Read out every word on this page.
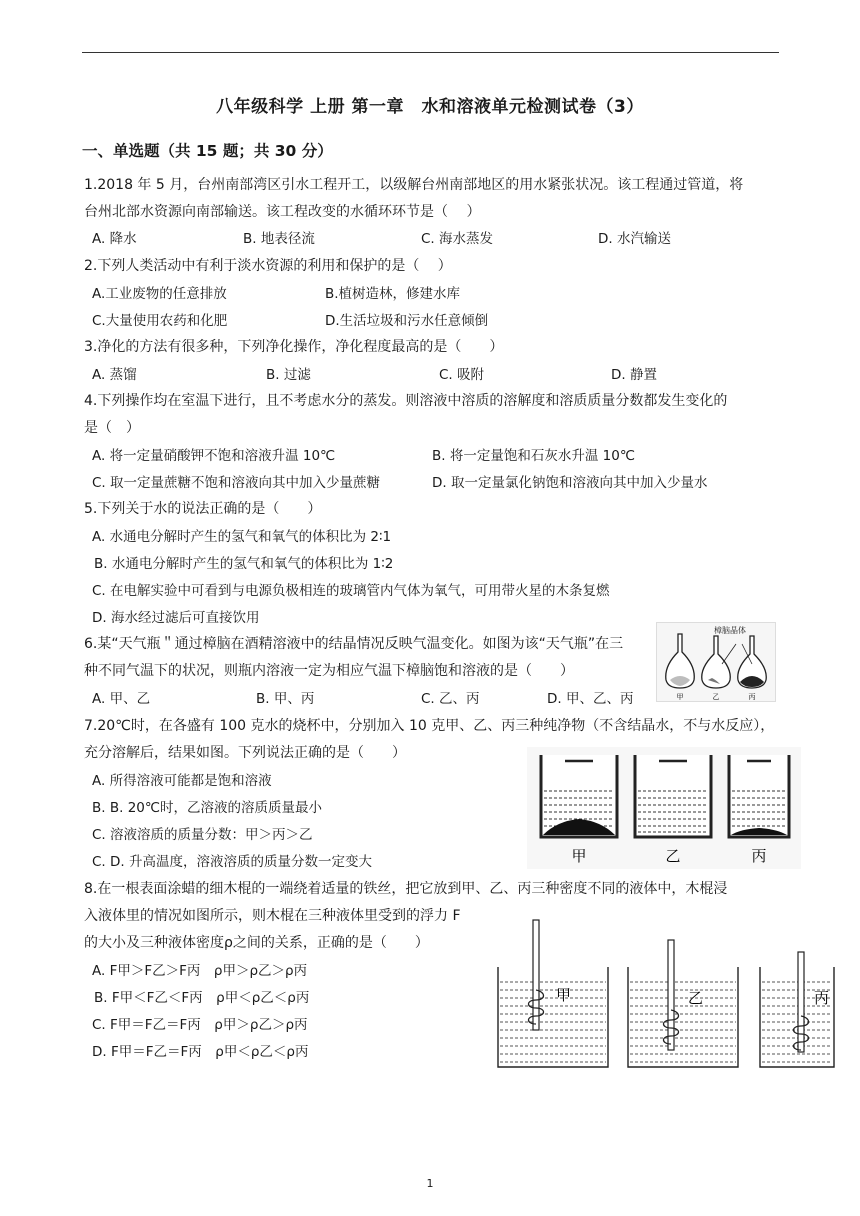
八年级科学 上册 第一章　水和溶液单元检测试卷（3）
一、单选题（共 15 题；共 30 分）
1.2018 年 5 月，台州南部湾区引水工程开工，以级解台州南部地区的用水紧张状况。该工程通过管道，将
台州北部水资源向南部输送。该工程改变的水循环环节是（　 ）
A. 降水	B. 地表径流	C. 海水蒸发	D. 水汽输送
2.下列人类活动中有利于淡水资源的利用和保护的是（　 ）
A.工业废物的任意排放	B.植树造林，修建水库
C.大量使用农药和化肥	D.生活垃圾和污水任意倾倒
3.净化的方法有很多种，下列净化操作，净化程度最高的是（　　）
A. 蒸馏	B. 过滤	C. 吸附	D. 静置
4.下列操作均在室温下进行，且不考虑水分的蒸发。则溶液中溶质的溶解度和溶质质量分数都发生变化的
是（　）
A. 将一定量硝酸钾不饱和溶液升温 10℃	B. 将一定量饱和石灰水升温 10℃
C. 取一定量蔗糖不饱和溶液向其中加入少量蔗糖	D. 取一定量氯化钠饱和溶液向其中加入少量水
5.下列关于水的说法正确的是（　　）
A. 水通电分解时产生的氢气和氧气的体积比为 2∶1
B. 水通电分解时产生的氢气和氧气的体积比为 1∶2
C. 在电解实验中可看到与电源负极相连的玻璃管内气体为氧气，可用带火星的木条复燃
D. 海水经过滤后可直接饮用
6.某“天气瓶＂通过樟脑在酒精溶液中的结晶情况反映气温变化。如图为该“天气瓶”在三
种不同气温下的状况，则瓶内溶液一定为相应气温下樟脑饱和溶液的是（　　）
A. 甲、乙	B. 甲、丙	C. 乙、丙	D. 甲、乙、丙
樟脑晶体
甲	乙	丙
7.20℃时，在各盛有 100 克水的烧杯中，分别加入 10 克甲、乙、丙三种纯净物（不含结晶水，不与水反应），
充分溶解后，结果如图。下列说法正确的是（　　）
A. 所得溶液可能都是饱和溶液
B. B. 20℃时，乙溶液的溶质质量最小
C. 溶液溶质的质量分数：甲＞丙＞乙
C. D. 升高温度，溶液溶质的质量分数一定变大	甲	乙	丙
8.在一根表面涂蜡的细木棍的一端绕着适量的铁丝，把它放到甲、乙、丙三种密度不同的液体中，木棍浸
入液体里的情况如图所示，则木棍在三种液体里受到的浮力 F
的大小及三种液体密度ρ之间的关系，正确的是（　　）
A. F甲＞F乙＞F丙　ρ甲＞ρ乙＞ρ丙
B. F甲＜F乙＜F丙　ρ甲＜ρ乙＜ρ丙
C. F甲＝F乙＝F丙　ρ甲＞ρ乙＞ρ丙
D. F甲＝F乙＝F丙　ρ甲＜ρ乙＜ρ丙
甲	乙	丙
1
